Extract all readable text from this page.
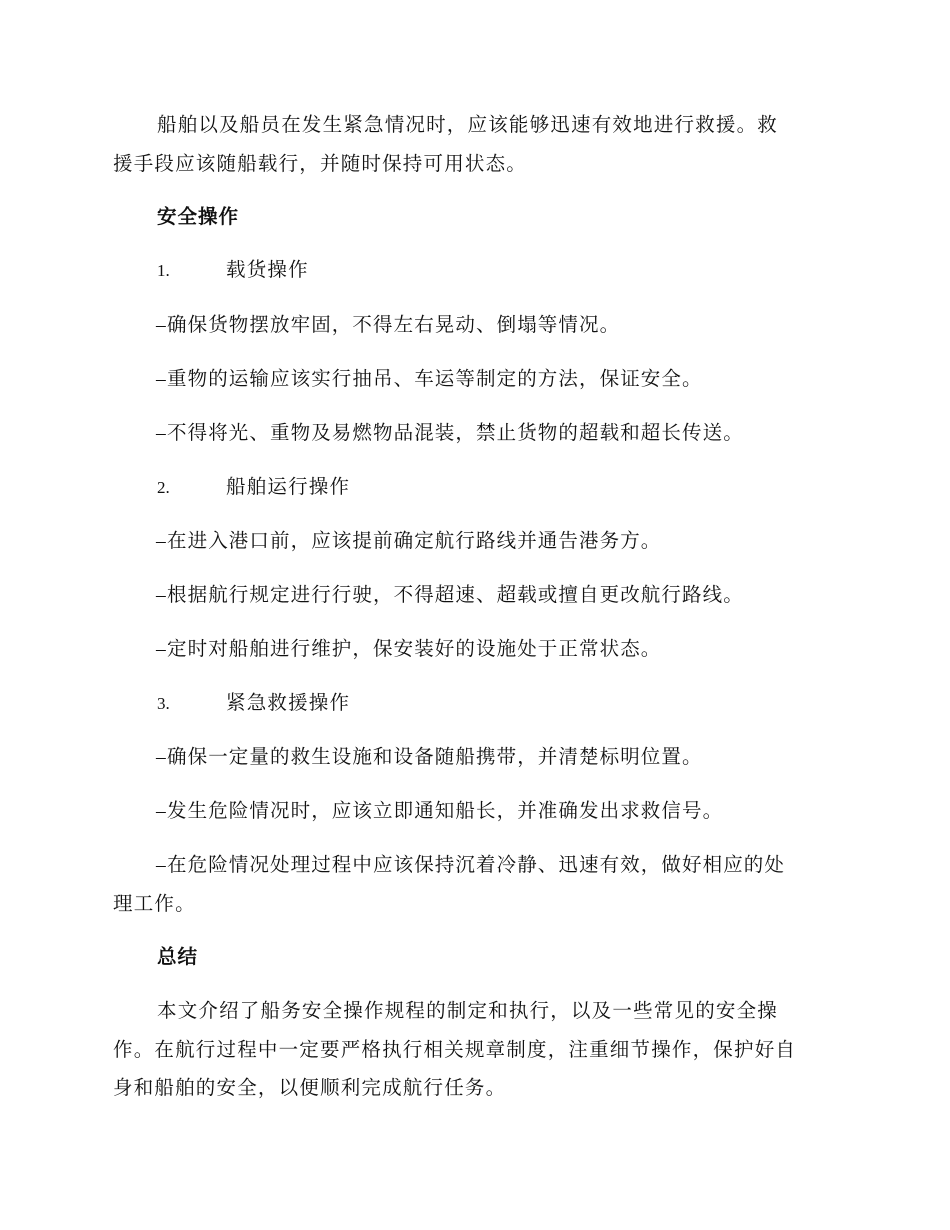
船舶以及船员在发生紧急情况时，应该能够迅速有效地进行救援。救
援手段应该随船载行，并随时保持可用状态。
安全操作
1.	载货操作
–确保货物摆放牢固，不得左右晃动、倒塌等情况。
–重物的运输应该实行抽吊、车运等制定的方法，保证安全。
–不得将光、重物及易燃物品混装，禁止货物的超载和超长传送。
2.	船舶运行操作
–在进入港口前，应该提前确定航行路线并通告港务方。
–根据航行规定进行行驶，不得超速、超载或擅自更改航行路线。
–定时对船舶进行维护，保安装好的设施处于正常状态。
3.	紧急救援操作
–确保一定量的救生设施和设备随船携带，并清楚标明位置。
–发生危险情况时，应该立即通知船长，并准确发出求救信号。
–在危险情况处理过程中应该保持沉着冷静、迅速有效，做好相应的处
理工作。
总结
本文介绍了船务安全操作规程的制定和执行，以及一些常见的安全操
作。在航行过程中一定要严格执行相关规章制度，注重细节操作，保护好自
身和船舶的安全，以便顺利完成航行任务。
